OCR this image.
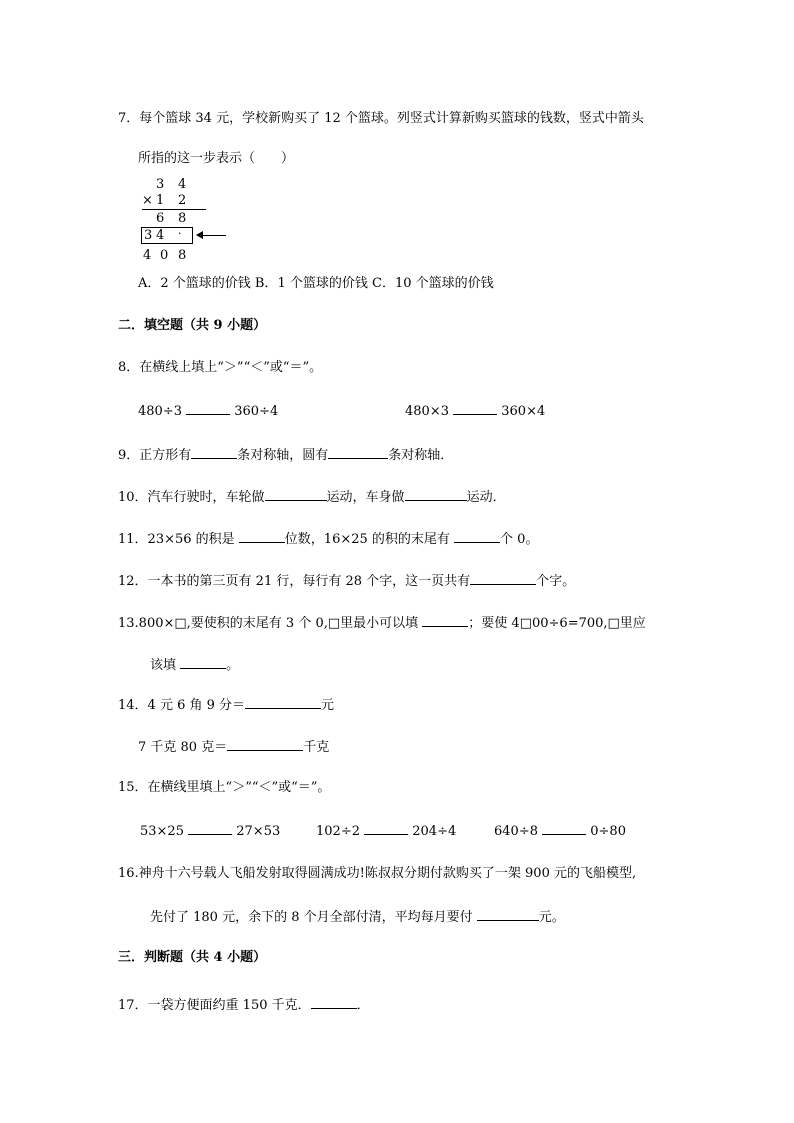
7．每个篮球 34 元，学校新购买了 12 个篮球。列竖式计算新购买篮球的钱数，竖式中箭头
所指的这一步表示（　　）
3 4
× 1 2
6 8
3 4 ·
4 0 8
A．2 个篮球的价钱 B．1 个篮球的价钱 C．10 个篮球的价钱
二．填空题（共 9 小题）
8．在横线上填上“＞”“＜”或“＝”。
480÷3	360÷4	480×3	360×4
9．正方形有	条对称轴，圆有	条对称轴．
10．汽车行驶时，车轮做	运动，车身做	运动．
11．23×56 的积是	位数，16×25 的积的末尾有	个 0。
12．一本书的第三页有 21 行，每行有 28 个字，这一页共有	个字。
13.800×□,要使积的末尾有 3 个 0,□里最小可以填	；要使 4□00÷6=700,□里应
该填	。
14．4 元 6 角 9 分＝	元
7 千克 80 克＝	千克
15．在横线里填上“＞”“＜”或“＝”。
53×25	27×53	102÷2	204÷4	640÷8	0÷80
16.神舟十六号载人飞船发射取得圆满成功!陈叔叔分期付款购买了一架 900 元的飞船模型,
先付了 180 元，余下的 8 个月全部付清，平均每月要付	元。
三．判断题（共 4 小题）
17．一袋方便面约重 150 千克．	．
